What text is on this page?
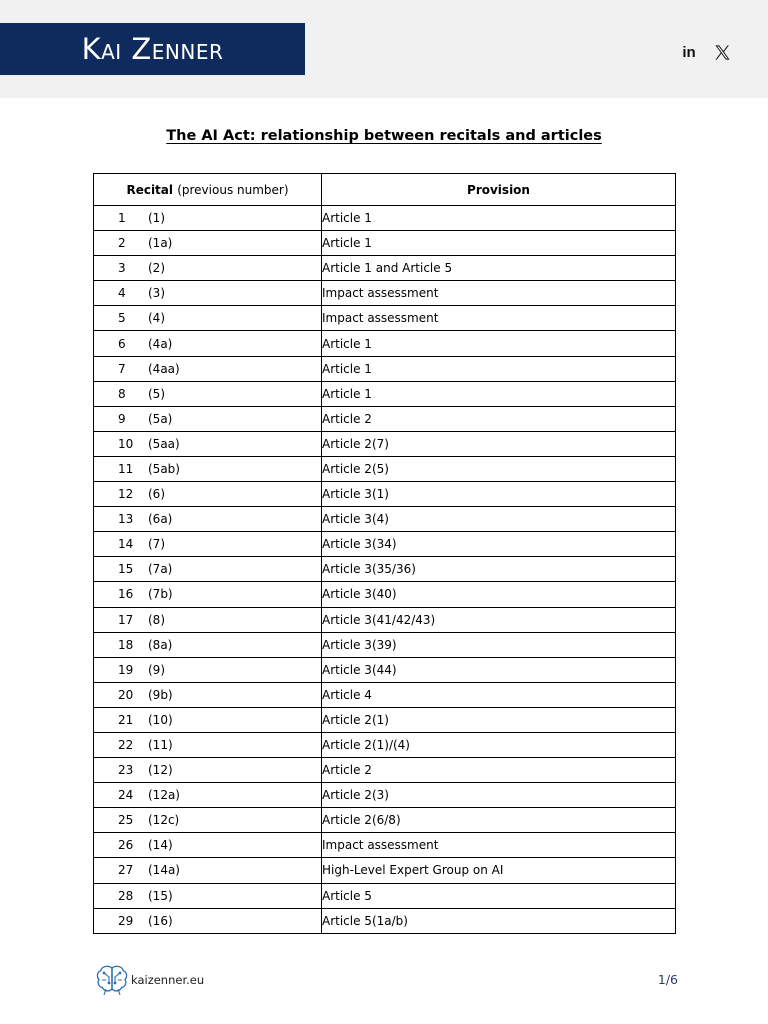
Kai Zenner	in
The AI Act: relationship between recitals and articles
Recital (previous number)	Provision
1 (1)	Article 1
2 (1a)	Article 1
3 (2)	Article 1 and Article 5
4 (3)	Impact assessment
5 (4)	Impact assessment
6 (4a)	Article 1
7 (4aa)	Article 1
8 (5)	Article 1
9 (5a)	Article 2
10 (5aa)	Article 2(7)
11 (5ab)	Article 2(5)
12 (6)	Article 3(1)
13 (6a)	Article 3(4)
14 (7)	Article 3(34)
15 (7a)	Article 3(35/36)
16 (7b)	Article 3(40)
17 (8)	Article 3(41/42/43)
18 (8a)	Article 3(39)
19 (9)	Article 3(44)
20 (9b)	Article 4
21 (10)	Article 2(1)
22 (11)	Article 2(1)/(4)
23 (12)	Article 2
24 (12a)	Article 2(3)
25 (12c)	Article 2(6/8)
26 (14)	Impact assessment
27 (14a)	High-Level Expert Group on AI
28 (15)	Article 5
29 (16)	Article 5(1a/b)
kaizenner.eu	1/6
